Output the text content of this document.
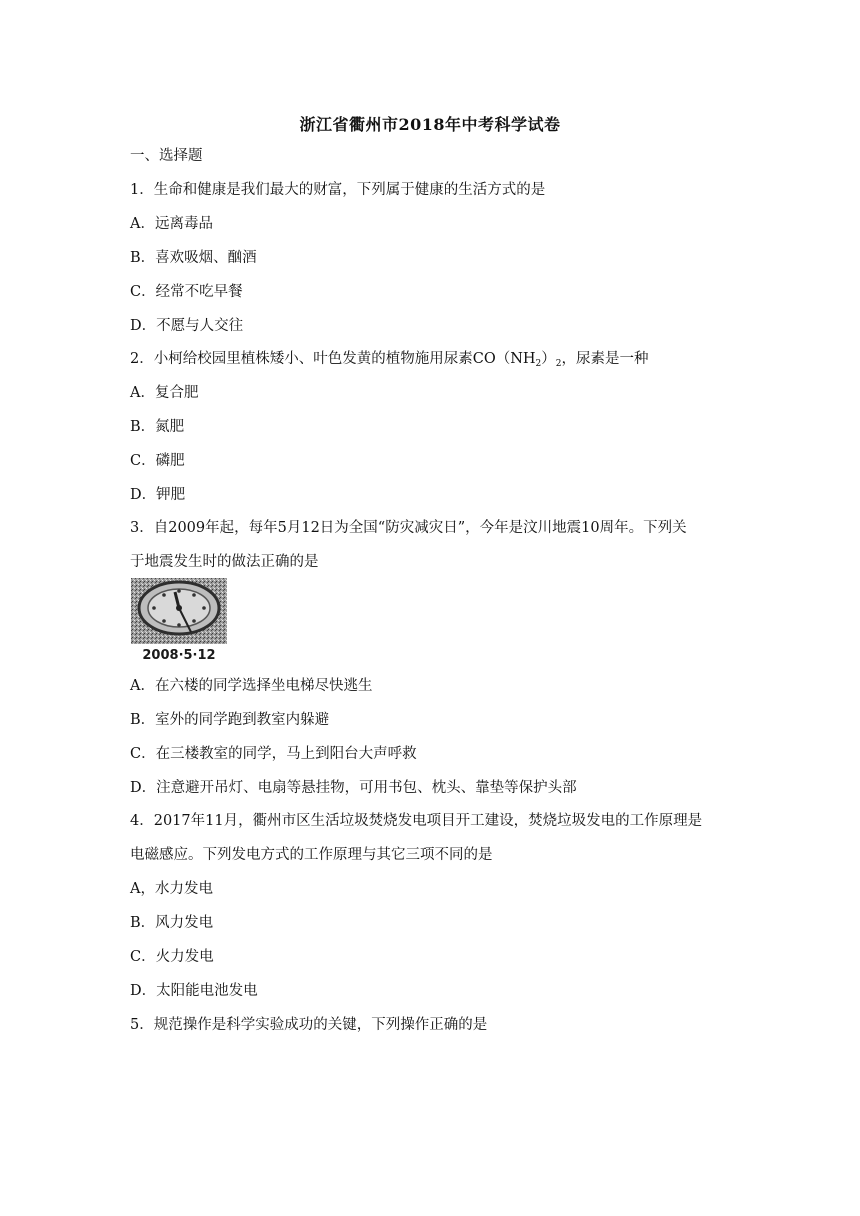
浙江省衢州市2018年中考科学试卷
一、选择题
1．生命和健康是我们最大的财富，下列属于健康的生活方式的是
A．远离毒品
B．喜欢吸烟、酗酒
C．经常不吃早餐
D．不愿与人交往
2．小柯给校园里植株矮小、叶色发黄的植物施用尿素$CO(NH_2)_2$，尿素是一种
A．复合肥
B．氮肥
C．磷肥
D．钾肥
3．自2009年起，每年5月12日为全国“防灾减灾日”，今年是汶川地震10周年。下列关
于地震发生时的做法正确的是
2008·5·12
A．在六楼的同学选择坐电梯尽快逃生
B．室外的同学跑到教室内躲避
C．在三楼教室的同学，马上到阳台大声呼救
D．注意避开吊灯、电扇等悬挂物，可用书包、枕头、靠垫等保护头部
4．2017年11月，衢州市区生活垃圾焚烧发电项目开工建设，焚烧垃圾发电的工作原理是
电磁感应。下列发电方式的工作原理与其它三项不同的是
A，水力发电
B．风力发电
C．火力发电
D．太阳能电池发电
5．规范操作是科学实验成功的关键，下列操作正确的是
